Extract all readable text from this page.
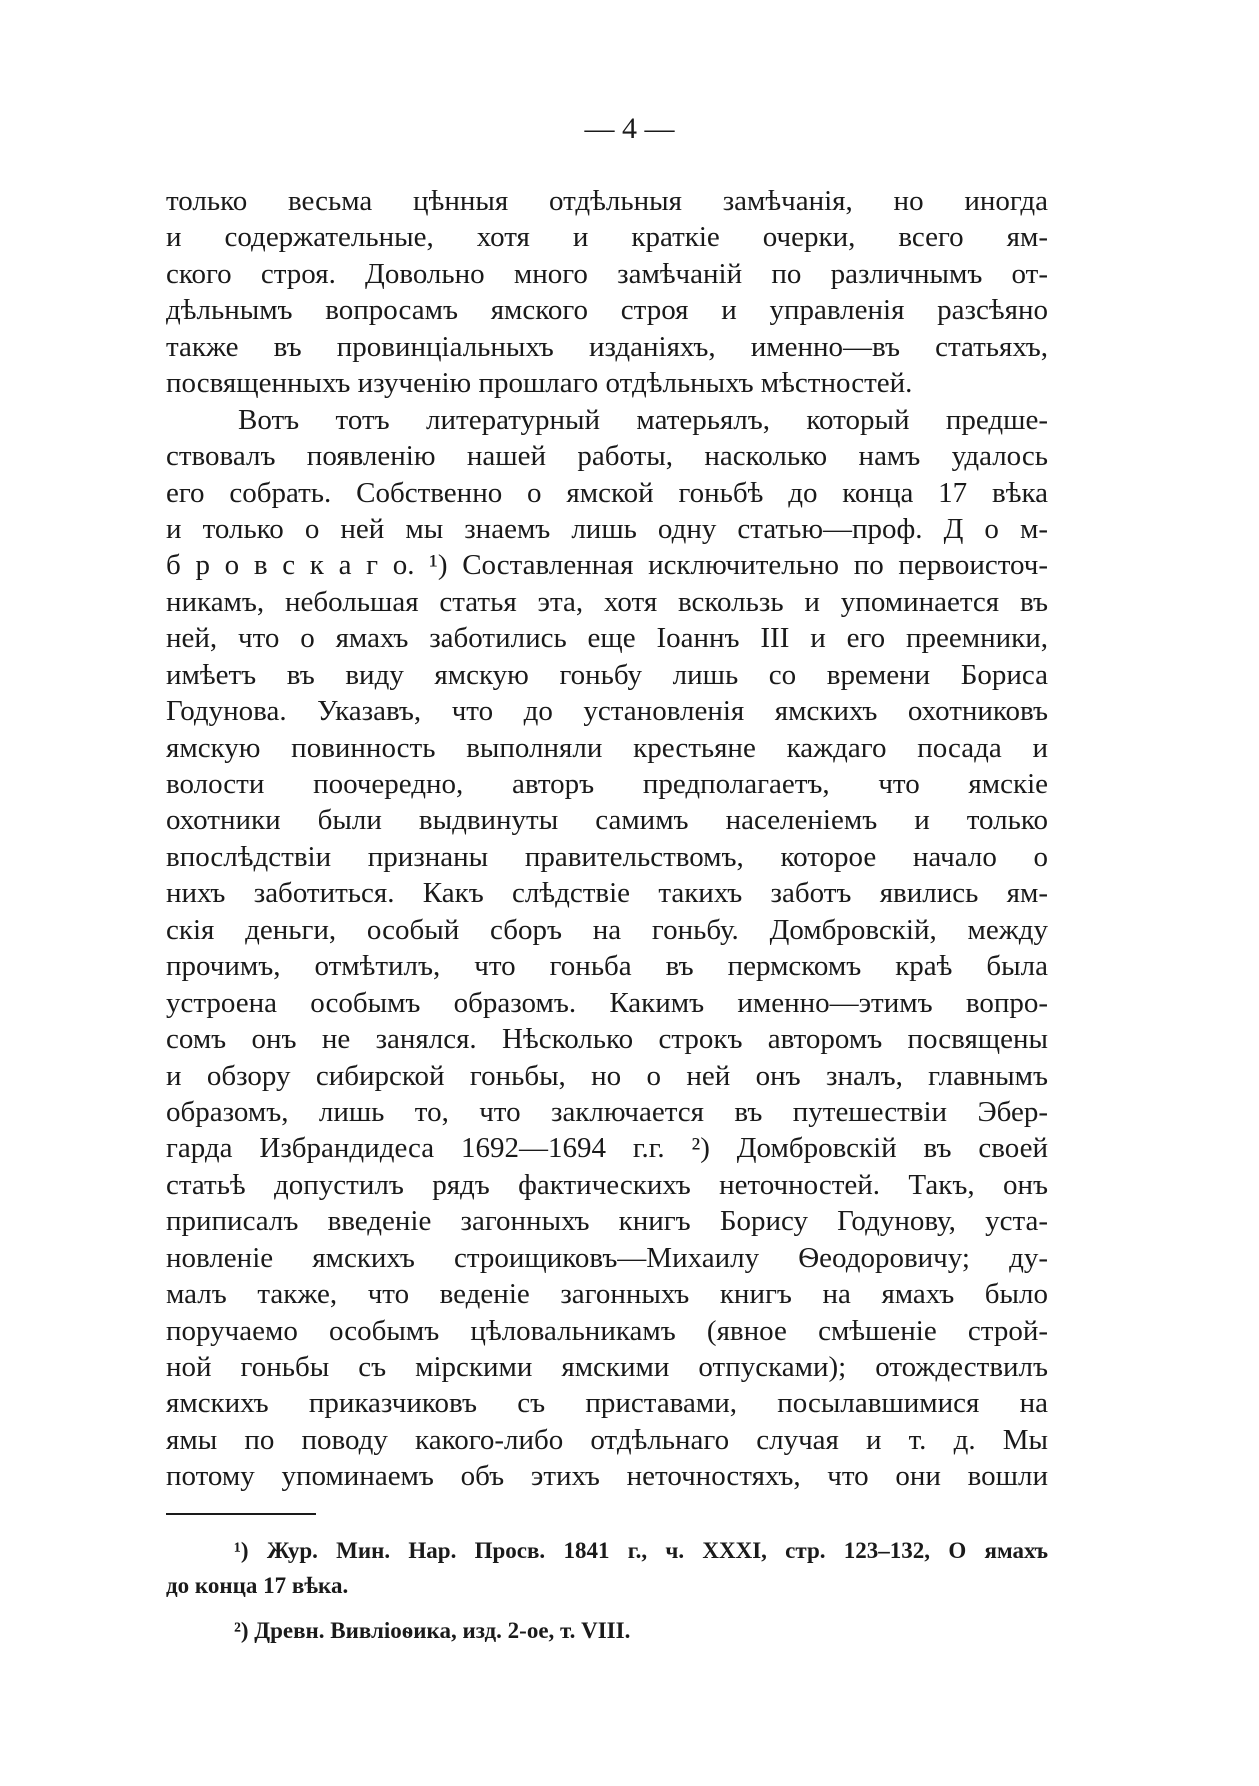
— 4 —
только весьма цѣнныя отдѣльныя замѣчанія, но иногда
и содержательные, хотя и краткіе очерки, всего ям-
ского строя. Довольно много замѣчаній по различнымъ от-
дѣльнымъ вопросамъ ямского строя и управленія разсѣяно
также въ провинціальныхъ изданіяхъ, именно—въ статьяхъ,
посвященныхъ изученію прошлаго отдѣльныхъ мѣстностей.
Вотъ тотъ литературный матерьялъ, который предше-
ствовалъ появленію нашей работы, насколько намъ удалось
его собрать. Собственно о ямской гоньбѣ до конца 17 вѣка
и только о ней мы знаемъ лишь одну статью—проф. Д о м-
б р о в с к а г о. ¹) Составленная исключительно по первоисточ-
никамъ, небольшая статья эта, хотя вскользь и упоминается въ
ней, что о ямахъ заботились еще Іоаннъ III и его преемники,
имѣетъ въ виду ямскую гоньбу лишь со времени Бориса
Годунова. Указавъ, что до установленія ямскихъ охотниковъ
ямскую повинность выполняли крестьяне каждаго посада и
волости поочередно, авторъ предполагаетъ, что ямскіе
охотники были выдвинуты самимъ населеніемъ и только
впослѣдствіи признаны правительствомъ, которое начало о
нихъ заботиться. Какъ слѣдствіе такихъ заботъ явились ям-
скія деньги, особый сборъ на гоньбу. Домбровскій, между
прочимъ, отмѣтилъ, что гоньба въ пермскомъ краѣ была
устроена особымъ образомъ. Какимъ именно—этимъ вопро-
сомъ онъ не занялся. Нѣсколько строкъ авторомъ посвящены
и обзору сибирской гоньбы, но о ней онъ зналъ, главнымъ
образомъ, лишь то, что заключается въ путешествіи Эбер-
гарда Избрандидеса 1692—1694 г.г. ²) Домбровскій въ своей
статьѣ допустилъ рядъ фактическихъ неточностей. Такъ, онъ
приписалъ введеніе загонныхъ книгъ Борису Годунову, уста-
новленіе ямскихъ строищиковъ—Михаилу Ѳеодоровичу; ду-
малъ также, что веденіе загонныхъ книгъ на ямахъ было
поручаемо особымъ цѣловальникамъ (явное смѣшеніе строй-
ной гоньбы съ мірскими ямскими отпусками); отождествилъ
ямскихъ приказчиковъ съ приставами, посылавшимися на
ямы по поводу какого-либо отдѣльнаго случая и т. д. Мы
потому упоминаемъ объ этихъ неточностяхъ, что они вошли
¹) Жур. Мин. Нар. Просв. 1841 г., ч. XXXI, стр. 123–132, О ямахъ
до конца 17 вѣка.
²) Древн. Вивліоѳика, изд. 2-ое, т. VIII.
